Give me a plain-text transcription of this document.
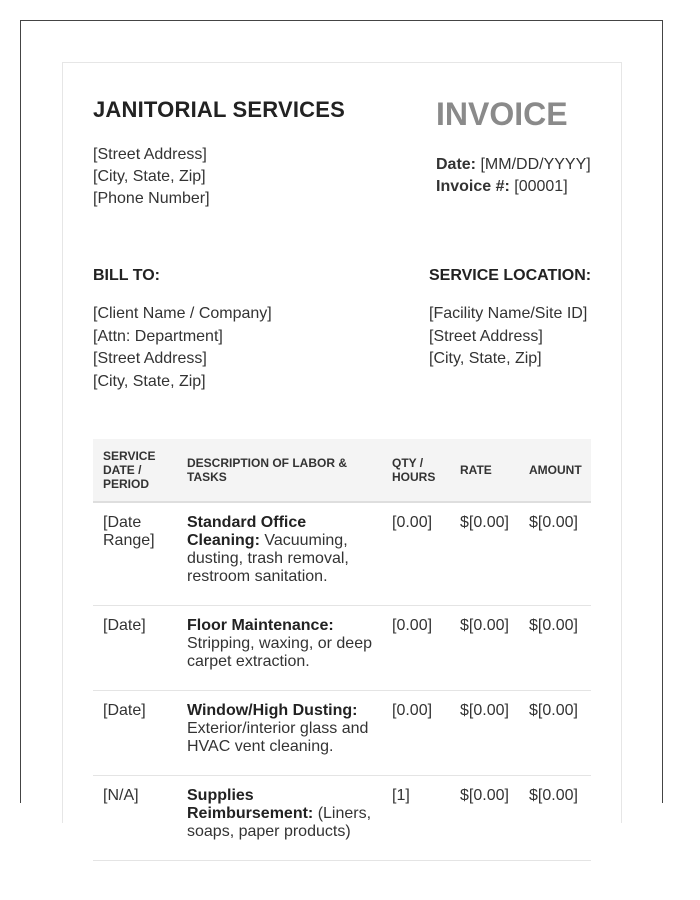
JANITORIAL SERVICES
[Street Address]
[City, State, Zip]
[Phone Number]
INVOICE
Date: [MM/DD/YYYY]
Invoice #: [00001]
BILL TO:
[Client Name / Company]
[Attn: Department]
[Street Address]
[City, State, Zip]
SERVICE LOCATION:
[Facility Name/Site ID]
[Street Address]
[City, State, Zip]
SERVICE DATE / PERIOD	DESCRIPTION OF LABOR & TASKS	QTY / HOURS	RATE	AMOUNT
[Date Range]	Standard Office Cleaning: Vacuuming, dusting, trash removal, restroom sanitation.	[0.00]	$[0.00]	$[0.00]
[Date]	Floor Maintenance: Stripping, waxing, or deep carpet extraction.	[0.00]	$[0.00]	$[0.00]
[Date]	Window/High Dusting: Exterior/interior glass and HVAC vent cleaning.	[0.00]	$[0.00]	$[0.00]
[N/A]	Supplies Reimbursement: (Liners, soaps, paper products)	[1]	$[0.00]	$[0.00]
